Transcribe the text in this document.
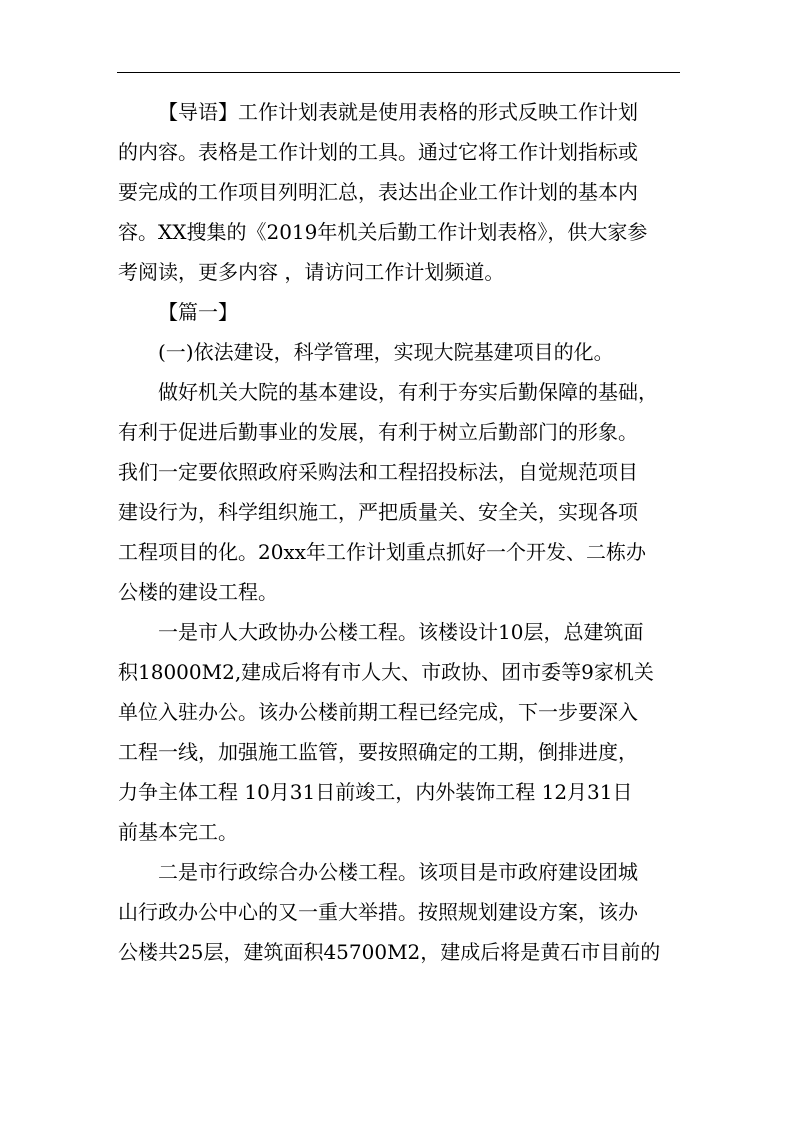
【导语】工作计划表就是使用表格的形式反映工作计划
的内容。表格是工作计划的工具。通过它将工作计划指标或
要完成的工作项目列明汇总，表达出企业工作计划的基本内
容。XX搜集的《2019年机关后勤工作计划表格》，供大家参
考阅读，更多内容 ，请访问工作计划频道。
【篇一】
(一)依法建设，科学管理，实现大院基建项目的化。
做好机关大院的基本建设，有利于夯实后勤保障的基础，
有利于促进后勤事业的发展，有利于树立后勤部门的形象。
我们一定要依照政府采购法和工程招投标法，自觉规范项目
建设行为，科学组织施工，严把质量关、安全关，实现各项
工程项目的化。20xx年工作计划重点抓好一个开发、二栋办
公楼的建设工程。
一是市人大政协办公楼工程。该楼设计10层，总建筑面
积18000M2,建成后将有市人大、市政协、团市委等9家机关
单位入驻办公。该办公楼前期工程已经完成，下一步要深入
工程一线，加强施工监管，要按照确定的工期，倒排进度，
力争主体工程 10月31日前竣工，内外装饰工程 12月31日
前基本完工。
二是市行政综合办公楼工程。该项目是市政府建设团城
山行政办公中心的又一重大举措。按照规划建设方案，该办
公楼共25层，建筑面积45700M2，建成后将是黄石市目前的
